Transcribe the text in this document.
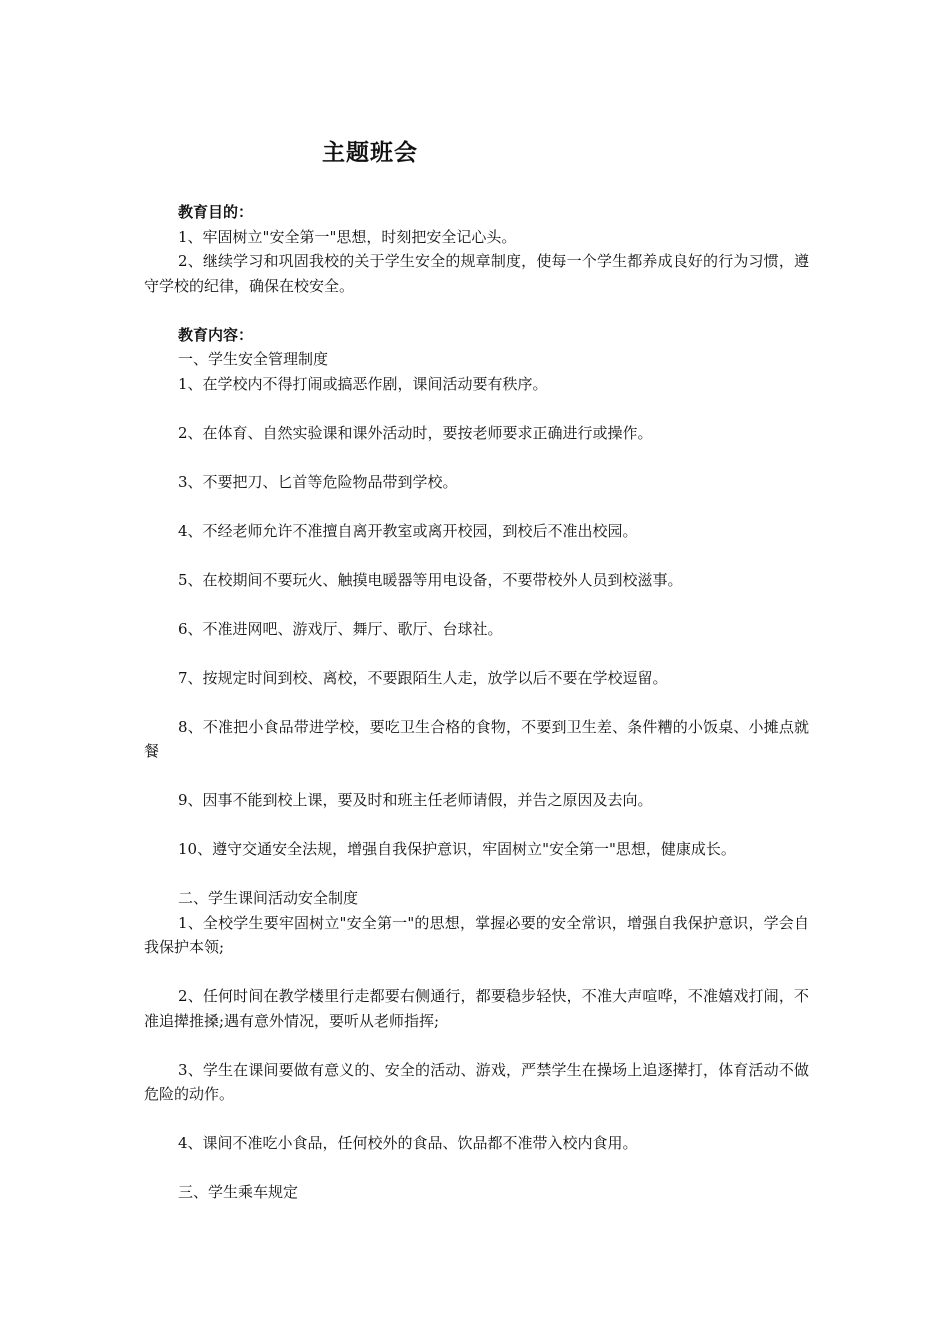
主题班会

教育目的：

1、牢固树立"安全第一"思想，时刻把安全记心头。

2、继续学习和巩固我校的关于学生安全的规章制度，使每一个学生都养成良好的行为习惯，遵守学校的纪律，确保在校安全。

教育内容：

一、学生安全管理制度

1、在学校内不得打闹或搞恶作剧，课间活动要有秩序。

2、在体育、自然实验课和课外活动时，要按老师要求正确进行或操作。

3、不要把刀、匕首等危险物品带到学校。

4、不经老师允许不准擅自离开教室或离开校园，到校后不准出校园。

5、在校期间不要玩火、触摸电暖器等用电设备，不要带校外人员到校滋事。

6、不准进网吧、游戏厅、舞厅、歌厅、台球社。

7、按规定时间到校、离校，不要跟陌生人走，放学以后不要在学校逗留。

8、不准把小食品带进学校，要吃卫生合格的食物，不要到卫生差、条件糟的小饭桌、小摊点就餐

9、因事不能到校上课，要及时和班主任老师请假，并告之原因及去向。

10、遵守交通安全法规，增强自我保护意识，牢固树立"安全第一"思想，健康成长。

二、学生课间活动安全制度

1、全校学生要牢固树立"安全第一"的思想，掌握必要的安全常识，增强自我保护意识，学会自我保护本领;

2、任何时间在教学楼里行走都要右侧通行，都要稳步轻快，不准大声喧哗，不准嬉戏打闹，不准追撵推搡;遇有意外情况，要听从老师指挥;

3、学生在课间要做有意义的、安全的活动、游戏，严禁学生在操场上追逐撵打，体育活动不做危险的动作。

4、课间不准吃小食品，任何校外的食品、饮品都不准带入校内食用。

三、学生乘车规定
